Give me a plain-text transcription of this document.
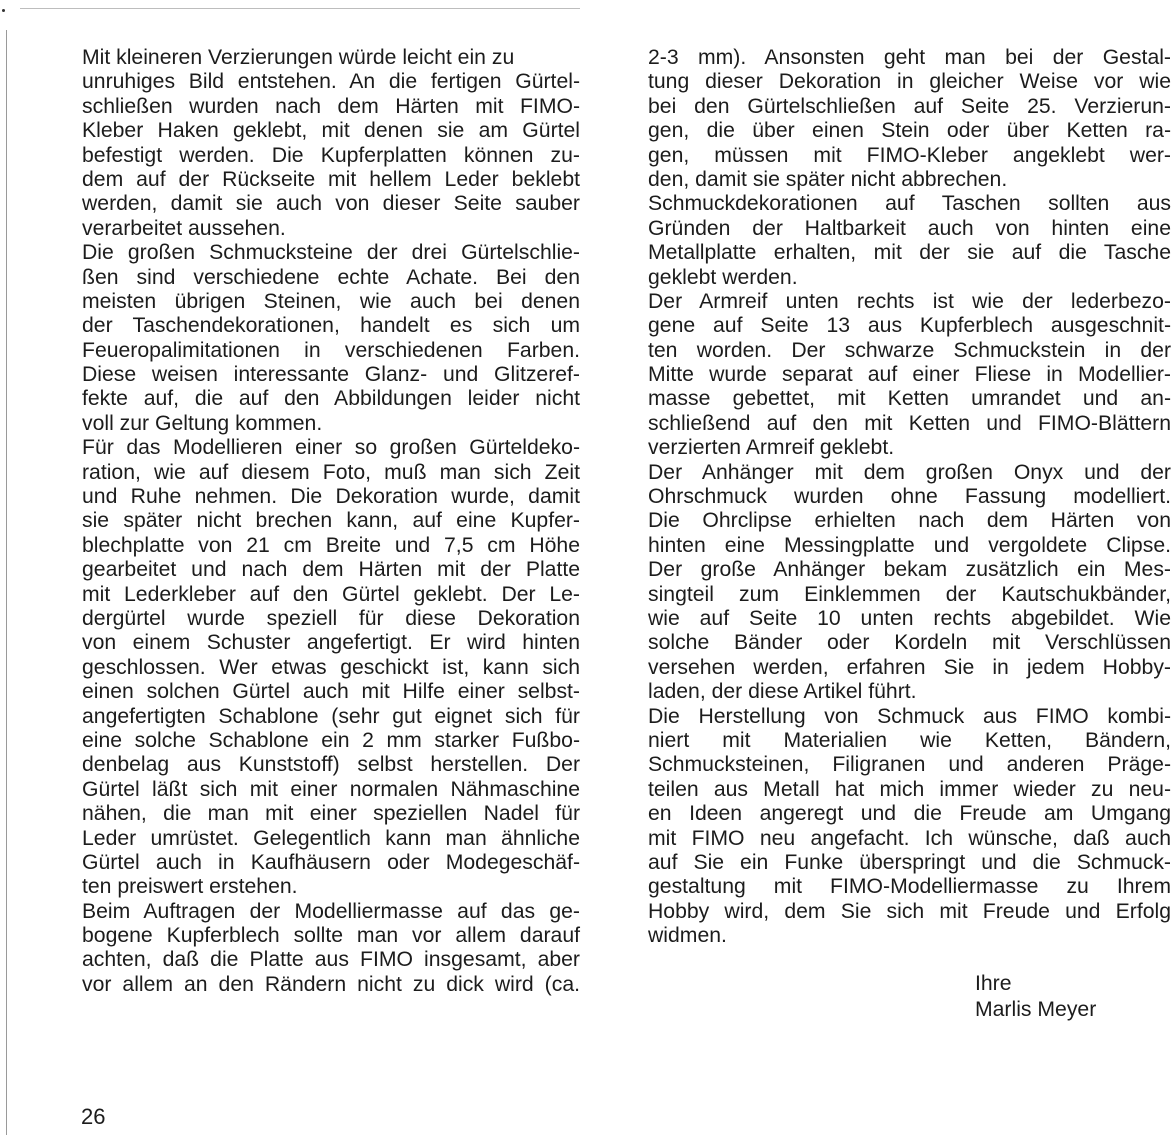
Mit kleineren Verzierungen würde leicht ein zu
unruhiges Bild entstehen. An die fertigen Gürtel-
schließen wurden nach dem Härten mit FIMO-
Kleber Haken geklebt, mit denen sie am Gürtel
befestigt werden. Die Kupferplatten können zu-
dem auf der Rückseite mit hellem Leder beklebt
werden, damit sie auch von dieser Seite sauber
verarbeitet aussehen.
Die großen Schmucksteine der drei Gürtelschlie-
ßen sind verschiedene echte Achate. Bei den
meisten übrigen Steinen, wie auch bei denen
der Taschendekorationen, handelt es sich um
Feueropalimitationen in verschiedenen Farben.
Diese weisen interessante Glanz- und Glitzeref-
fekte auf, die auf den Abbildungen leider nicht
voll zur Geltung kommen.
Für das Modellieren einer so großen Gürteldeko-
ration, wie auf diesem Foto, muß man sich Zeit
und Ruhe nehmen. Die Dekoration wurde, damit
sie später nicht brechen kann, auf eine Kupfer-
blechplatte von 21 cm Breite und 7,5 cm Höhe
gearbeitet und nach dem Härten mit der Platte
mit Lederkleber auf den Gürtel geklebt. Der Le-
dergürtel wurde speziell für diese Dekoration
von einem Schuster angefertigt. Er wird hinten
geschlossen. Wer etwas geschickt ist, kann sich
einen solchen Gürtel auch mit Hilfe einer selbst-
angefertigten Schablone (sehr gut eignet sich für
eine solche Schablone ein 2 mm starker Fußbo-
denbelag aus Kunststoff) selbst herstellen. Der
Gürtel läßt sich mit einer normalen Nähmaschine
nähen, die man mit einer speziellen Nadel für
Leder umrüstet. Gelegentlich kann man ähnliche
Gürtel auch in Kaufhäusern oder Modegeschäf-
ten preiswert erstehen.
Beim Auftragen der Modelliermasse auf das ge-
bogene Kupferblech sollte man vor allem darauf
achten, daß die Platte aus FIMO insgesamt, aber
vor allem an den Rändern nicht zu dick wird (ca.
2-3 mm). Ansonsten geht man bei der Gestal-
tung dieser Dekoration in gleicher Weise vor wie
bei den Gürtelschließen auf Seite 25. Verzierun-
gen, die über einen Stein oder über Ketten ra-
gen, müssen mit FIMO-Kleber angeklebt wer-
den, damit sie später nicht abbrechen.
Schmuckdekorationen auf Taschen sollten aus
Gründen der Haltbarkeit auch von hinten eine
Metallplatte erhalten, mit der sie auf die Tasche
geklebt werden.
Der Armreif unten rechts ist wie der lederbezo-
gene auf Seite 13 aus Kupferblech ausgeschnit-
ten worden. Der schwarze Schmuckstein in der
Mitte wurde separat auf einer Fliese in Modellier-
masse gebettet, mit Ketten umrandet und an-
schließend auf den mit Ketten und FIMO-Blättern
verzierten Armreif geklebt.
Der Anhänger mit dem großen Onyx und der
Ohrschmuck wurden ohne Fassung modelliert.
Die Ohrclipse erhielten nach dem Härten von
hinten eine Messingplatte und vergoldete Clipse.
Der große Anhänger bekam zusätzlich ein Mes-
singteil zum Einklemmen der Kautschukbänder,
wie auf Seite 10 unten rechts abgebildet. Wie
solche Bänder oder Kordeln mit Verschlüssen
versehen werden, erfahren Sie in jedem Hobby-
laden, der diese Artikel führt.
Die Herstellung von Schmuck aus FIMO kombi-
niert mit Materialien wie Ketten, Bändern,
Schmucksteinen, Filigranen und anderen Präge-
teilen aus Metall hat mich immer wieder zu neu-
en Ideen angeregt und die Freude am Umgang
mit FIMO neu angefacht. Ich wünsche, daß auch
auf Sie ein Funke überspringt und die Schmuck-
gestaltung mit FIMO-Modelliermasse zu Ihrem
Hobby wird, dem Sie sich mit Freude und Erfolg
widmen.
Ihre
Marlis Meyer
26
